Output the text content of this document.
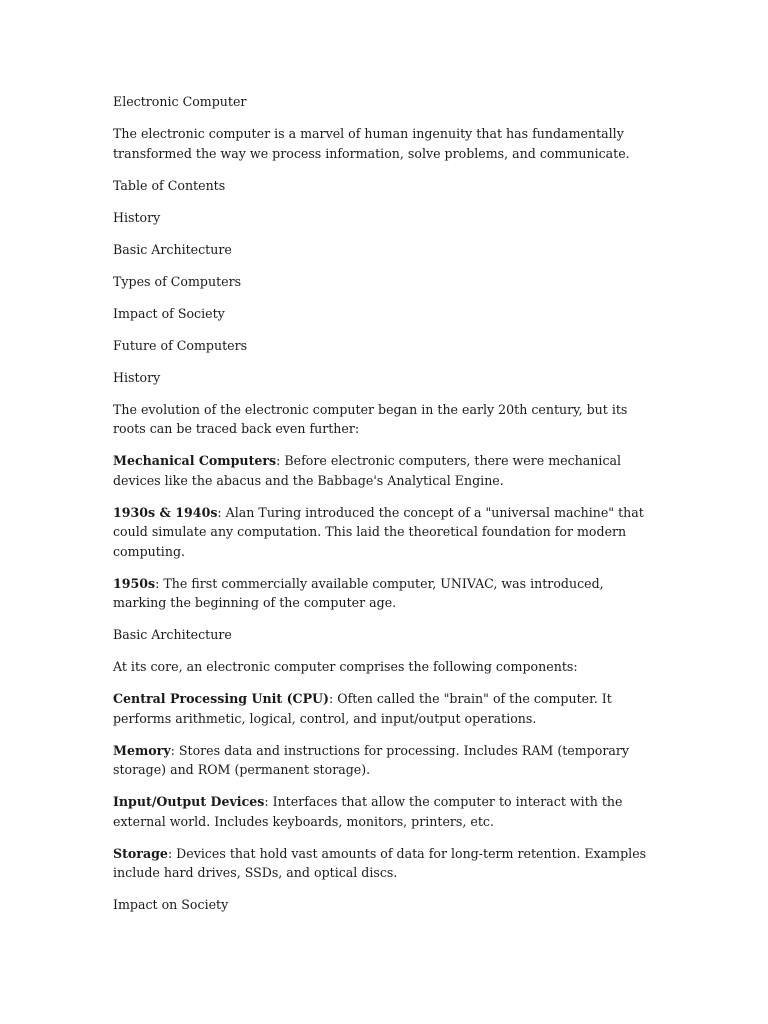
Electronic Computer

The electronic computer is a marvel of human ingenuity that has fundamentally transformed the way we process information, solve problems, and communicate.

Table of Contents

History

Basic Architecture

Types of Computers

Impact of Society

Future of Computers

History

The evolution of the electronic computer began in the early 20th century, but its roots can be traced back even further:

Mechanical Computers: Before electronic computers, there were mechanical devices like the abacus and the Babbage's Analytical Engine.

1930s & 1940s: Alan Turing introduced the concept of a "universal machine" that could simulate any computation. This laid the theoretical foundation for modern computing.

1950s: The first commercially available computer, UNIVAC, was introduced, marking the beginning of the computer age.

Basic Architecture

At its core, an electronic computer comprises the following components:

Central Processing Unit (CPU): Often called the "brain" of the computer. It performs arithmetic, logical, control, and input/output operations.

Memory: Stores data and instructions for processing. Includes RAM (temporary storage) and ROM (permanent storage).

Input/Output Devices: Interfaces that allow the computer to interact with the external world. Includes keyboards, monitors, printers, etc.

Storage: Devices that hold vast amounts of data for long-term retention. Examples include hard drives, SSDs, and optical discs.

Impact on Society
